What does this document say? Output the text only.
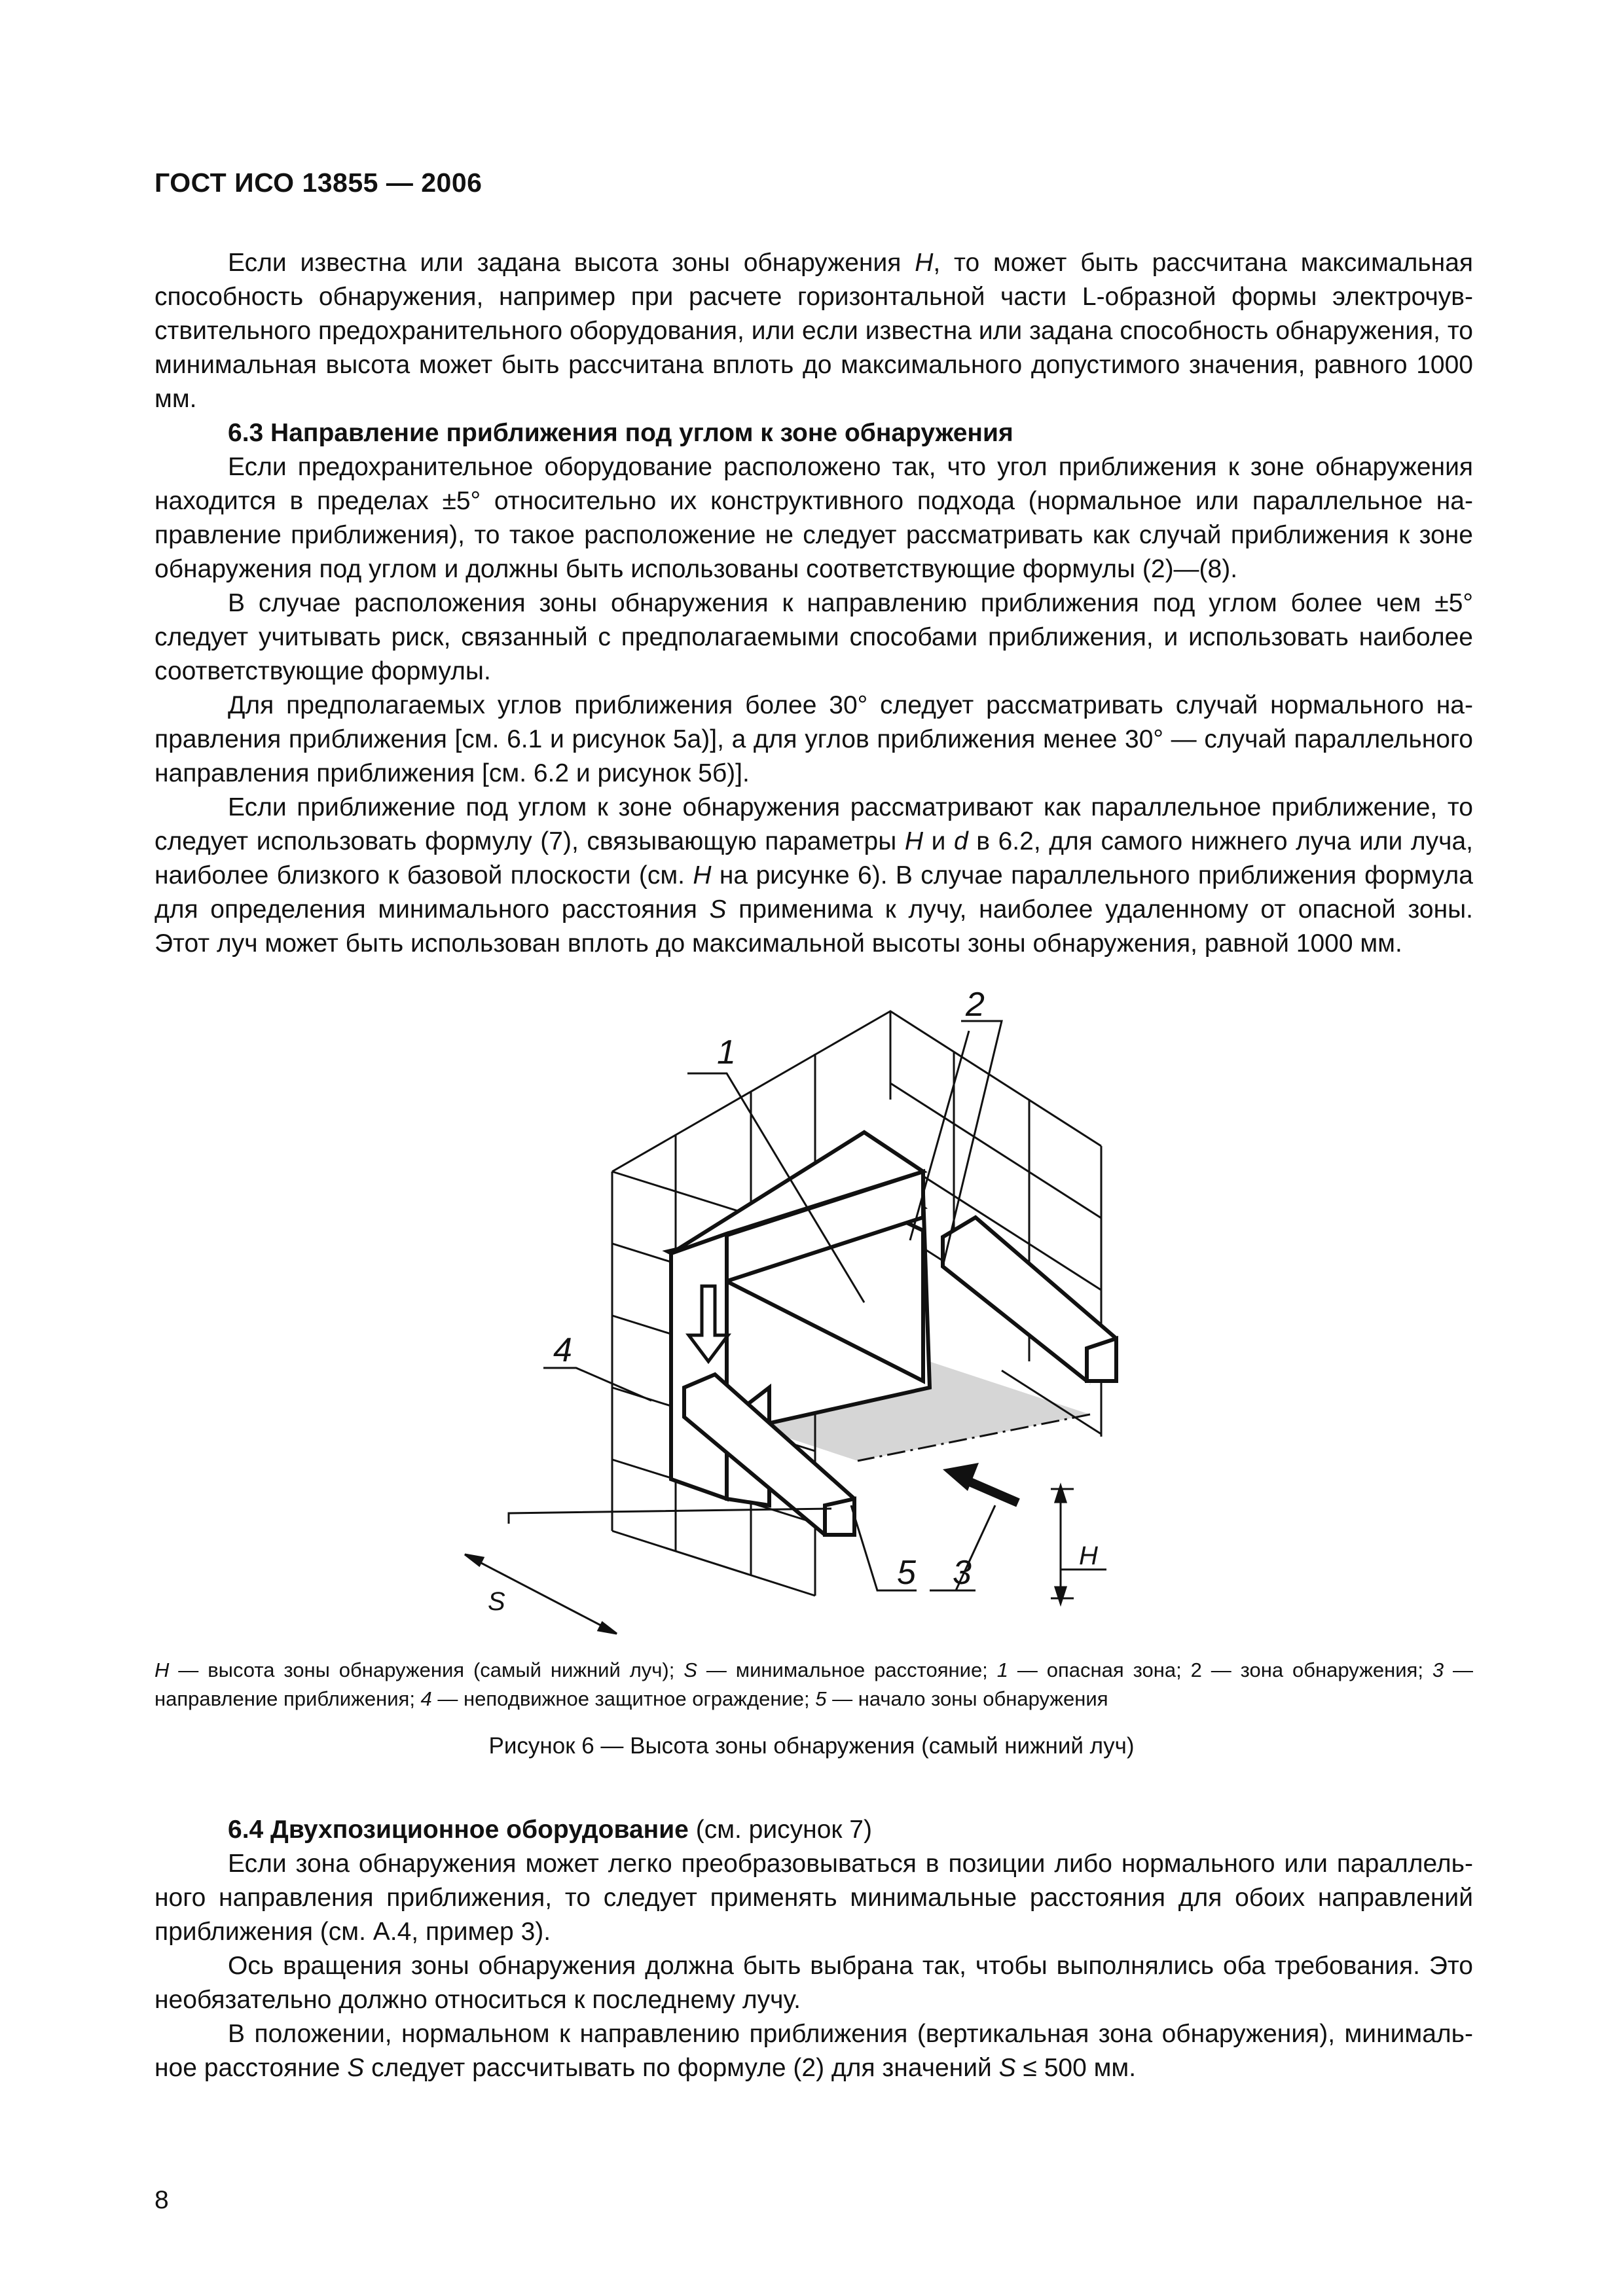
ГОСТ ИСО 13855 — 2006

Если известна или задана высота зоны обнаружения H, то может быть рассчитана максимальная способность обнаружения, например при расчете горизонтальной части L-образной формы электрочувствительного предохранительного оборудования, или если известна или задана способность обнаружения, то минимальная высота может быть рассчитана вплоть до максимального допустимого значения, равного 1000 мм.

6.3 Направление приближения под углом к зоне обнаружения

Если предохранительное оборудование расположено так, что угол приближения к зоне обнаружения находится в пределах ±5° относительно их конструктивного подхода (нормальное или параллельное направление приближения), то такое расположение не следует рассматривать как случай приближения к зоне обнаружения под углом и должны быть использованы соответствующие формулы (2)—(8).

В случае расположения зоны обнаружения к направлению приближения под углом более чем ±5° следует учитывать риск, связанный с предполагаемыми способами приближения, и использовать наиболее соответствующие формулы.

Для предполагаемых углов приближения более 30° следует рассматривать случай нормального направления приближения [см. 6.1 и рисунок 5а)], а для углов приближения менее 30° — случай параллельного направления приближения [см. 6.2 и рисунок 5б)].

Если приближение под углом к зоне обнаружения рассматривают как параллельное приближение, то следует использовать формулу (7), связывающую параметры H и d в 6.2, для самого нижнего луча или луча, наиболее близкого к базовой плоскости (см. H на рисунке 6). В случае параллельного приближения формула для определения минимального расстояния S применима к лучу, наиболее удаленному от опасной зоны. Этот луч может быть использован вплоть до максимальной высоты зоны обнаружения, равной 1000 мм.

1
2
3
4
5	H
S
H — высота зоны обнаружения (самый нижний луч); S — минимальное расстояние; 1 — опасная зона; 2 — зона обнаружения; 3 — направление приближения; 4 — неподвижное защитное ограждение; 5 — начало зоны обнаружения
Рисунок 6 — Высота зоны обнаружения (самый нижний луч)

6.4 Двухпозиционное оборудование (см. рисунок 7)

Если зона обнаружения может легко преобразовываться в позиции либо нормального или параллельного направления приближения, то следует применять минимальные расстояния для обоих направлений приближения (см. А.4, пример 3).

Ось вращения зоны обнаружения должна быть выбрана так, чтобы выполнялись оба требования. Это необязательно должно относиться к последнему лучу.

В положении, нормальном к направлению приближения (вертикальная зона обнаружения), минимальное расстояние S следует рассчитывать по формуле (2) для значений S ≤ 500 мм.

8
